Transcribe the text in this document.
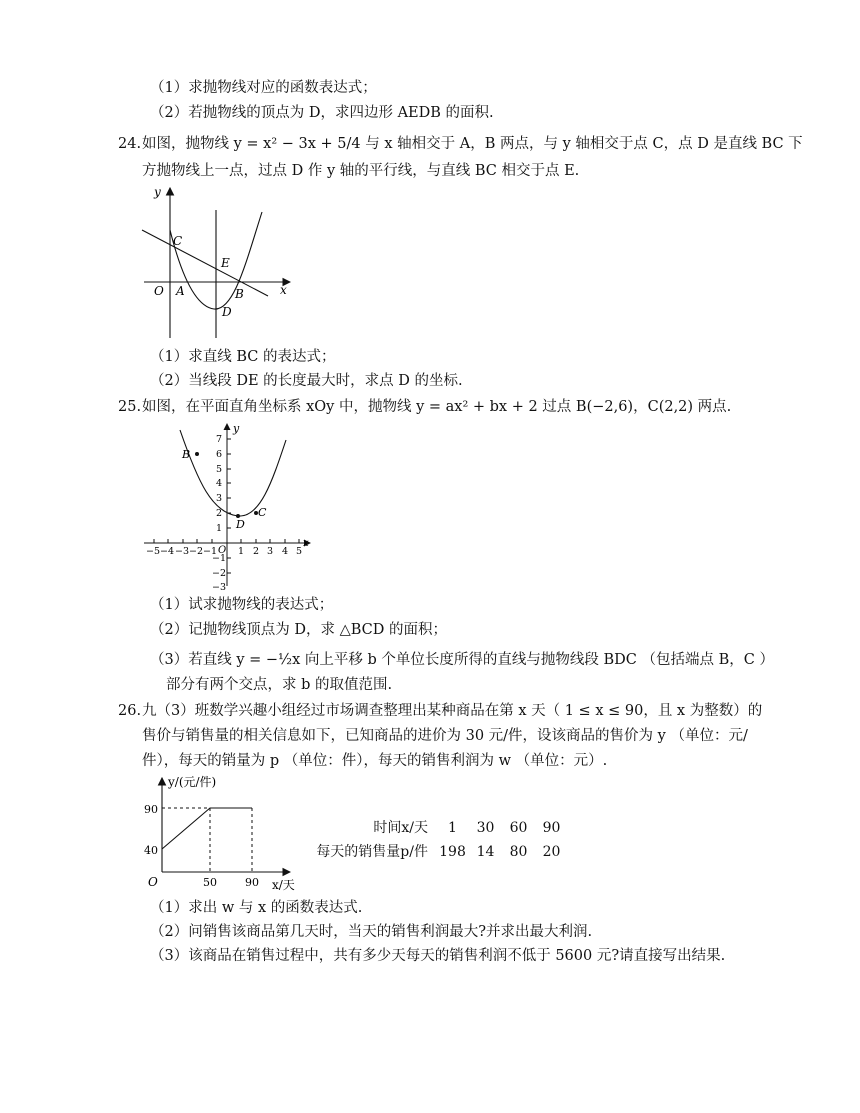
（1）求抛物线对应的函数表达式；
（2）若抛物线的顶点为 D，求四边形 AEDB 的面积.
24. 如图，抛物线 y = x² − 3x + 5/4 与 x 轴相交于 A，B 两点，与 y 轴相交于点 C，点 D 是直线 BC 下
方抛物线上一点，过点 D 作 y 轴的平行线，与直线 BC 相交于点 E.
y
x
O A	B
C
D
E
（1）求直线 BC 的表达式；
（2）当线段 DE 的长度最大时，求点 D 的坐标.
25. 如图，在平面直角坐标系 xOy 中，抛物线 y = ax² + bx + 2 过点 B(−2,6)，C(2,2) 两点.
y
x
O
B
C
D
7
6
5
4
3
2
1
−1
−2
−3
−5 −4 −3 −2 −1 1 2 3 4 5
（1）试求抛物线的表达式；
（2）记抛物线顶点为 D，求 △BCD 的面积；
（3）若直线 y = −½x 向上平移 b 个单位长度所得的直线与抛物线段 BDC （包括端点 B，C ）
部分有两个交点，求 b 的取值范围.
26. 九（3）班数学兴趣小组经过市场调查整理出某种商品在第 x 天（ 1 ≤ x ≤ 90，且 x 为整数）的
售价与销售量的相关信息如下，已知商品的进价为 30 元/件，设该商品的售价为 y （单位：元/
件），每天的销量为 p （单位：件），每天的销售利润为 w （单位：元）.
y/(元/件)
x/天
O
90
40
50	90
时间x/天	1	30	60	90
每天的销售量p/件 198 14	80	20
（1）求出 w 与 x 的函数表达式.
（2）问销售该商品第几天时，当天的销售利润最大?并求出最大利润.
（3）该商品在销售过程中，共有多少天每天的销售利润不低于 5600 元?请直接写出结果.
